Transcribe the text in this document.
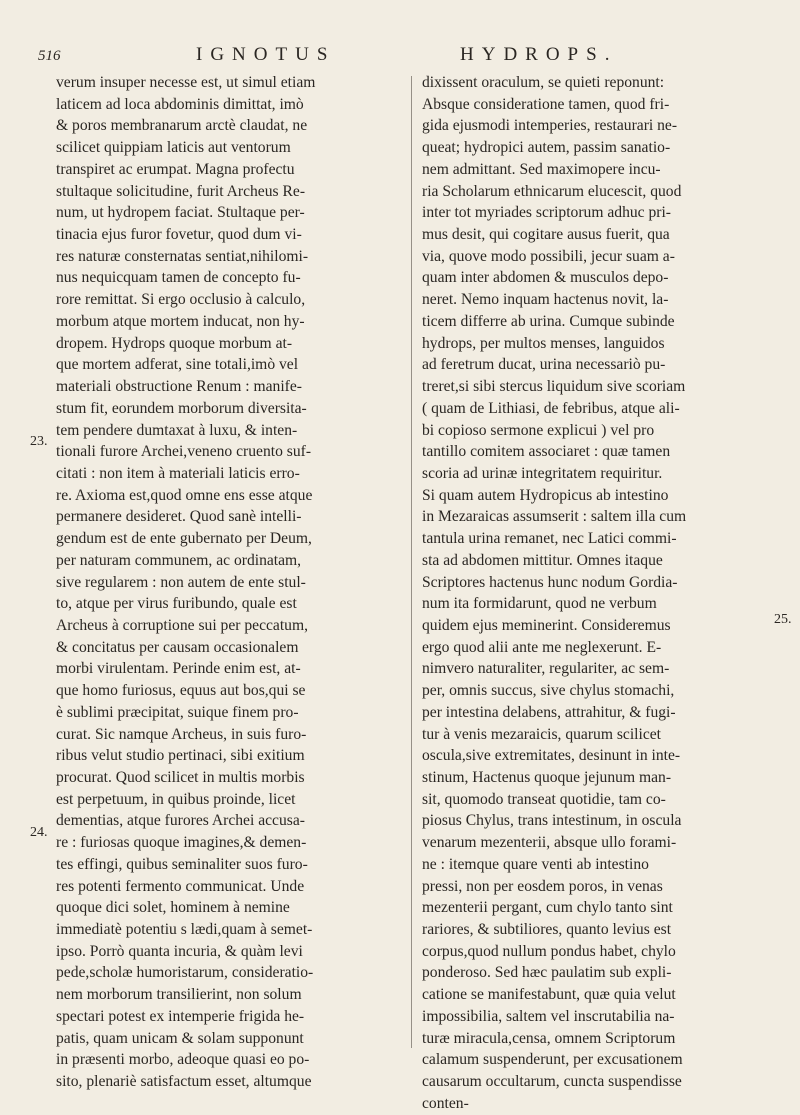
516	IGNOTUS	HYDROPS.
verum insuper necesse est, ut simul etiam
laticem ad loca abdominis dimittat, imò
& poros membranarum arctè claudat, ne
scilicet quippiam laticis aut ventorum
transpiret ac erumpat. Magna profectu
stultaque solicitudine, furit Archeus Re-
num, ut hydropem faciat. Stultaque per-
tinacia ejus furor fovetur, quod dum vi-
res naturæ consternatas sentiat,nihilomi-
nus nequicquam tamen de concepto fu-
rore remittat. Si ergo occlusio à calculo,
morbum atque mortem inducat, non hy-
dropem. Hydrops quoque morbum at-
que mortem adferat, sine totali,imò vel
materiali obstructione Renum : manife-
stum fit, eorundem morborum diversita-
tem pendere dumtaxat à luxu, & inten-
tionali furore Archei,veneno cruento suf-
citati : non item à materiali laticis erro-
re. Axioma est,quod omne ens esse atque
permanere desideret. Quod sanè intelli-
gendum est de ente gubernato per Deum,
per naturam communem, ac ordinatam,
sive regularem : non autem de ente stul-
to, atque per virus furibundo, quale est
Archeus à corruptione sui per peccatum,
& concitatus per causam occasionalem
morbi virulentam. Perinde enim est, at-
que homo furiosus, equus aut bos,qui se
è sublimi præcipitat, suique finem pro-
curat. Sic namque Archeus, in suis furo-
ribus velut studio pertinaci, sibi exitium
procurat. Quod scilicet in multis morbis
est perpetuum, in quibus proinde, licet
dementias, atque furores Archei accusa-
re : furiosas quoque imagines,& demen-
tes effingi, quibus seminaliter suos furo-
res potenti fermento communicat. Unde
quoque dici solet, hominem à nemine
immediatè potentiu s lædi,quam à semet-
ipso. Porrò quanta incuria, & quàm levi
pede,scholæ humoristarum, consideratio-
nem morborum transilierint, non solum
spectari potest ex intemperie frigida he-
patis, quam unicam & solam supponunt
in præsenti morbo, adeoque quasi eo po-
sito, plenariè satisfactum esset, altumque
dixissent oraculum, se quieti reponunt:
Absque consideratione tamen, quod fri-
gida ejusmodi intemperies, restaurari ne-
queat; hydropici autem, passim sanatio-
nem admittant. Sed maximopere incu-
ria Scholarum ethnicarum elucescit, quod
inter tot myriades scriptorum adhuc pri-
mus desit, qui cogitare ausus fuerit, qua
via, quove modo possibili, jecur suam a-
quam inter abdomen & musculos depo-
neret. Nemo inquam hactenus novit, la-
ticem differre ab urina. Cumque subinde
hydrops, per multos menses, languidos
ad feretrum ducat, urina necessariò pu-
treret,si sibi stercus liquidum sive scoriam
( quam de Lithiasi, de febribus, atque ali-
bi copioso sermone explicui ) vel pro
tantillo comitem associaret : quæ tamen
scoria ad urinæ integritatem requiritur.
Si quam autem Hydropicus ab intestino
in Mezaraicas assumserit : saltem illa cum
tantula urina remanet, nec Latici commi-
sta ad abdomen mittitur. Omnes itaque
Scriptores hactenus hunc nodum Gordia-
num ita formidarunt, quod ne verbum
quidem ejus meminerint. Consideremus
ergo quod alii ante me neglexerunt. E-
nimvero naturaliter, regulariter, ac sem-
per, omnis succus, sive chylus stomachi,
per intestina delabens, attrahitur, & fugi-
tur à venis mezaraicis, quarum scilicet
oscula,sive extremitates, desinunt in inte-
stinum, Hactenus quoque jejunum man-
sit, quomodo transeat quotidie, tam co-
piosus Chylus, trans intestinum, in oscula
venarum mezenterii, absque ullo forami-
ne : itemque quare venti ab intestino
pressi, non per eosdem poros, in venas
mezenterii pergant, cum chylo tanto sint
rariores, & subtiliores, quanto levius est
corpus,quod nullum pondus habet, chylo
ponderoso. Sed hæc paulatim sub expli-
catione se manifestabunt, quæ quia velut
impossibilia, saltem vel inscrutabilia na-
turæ miracula,censa, omnem Scriptorum
calamum suspenderunt, per excusationem
causarum occultarum, cuncta suspendisse
conten-
23.
24.
25.
